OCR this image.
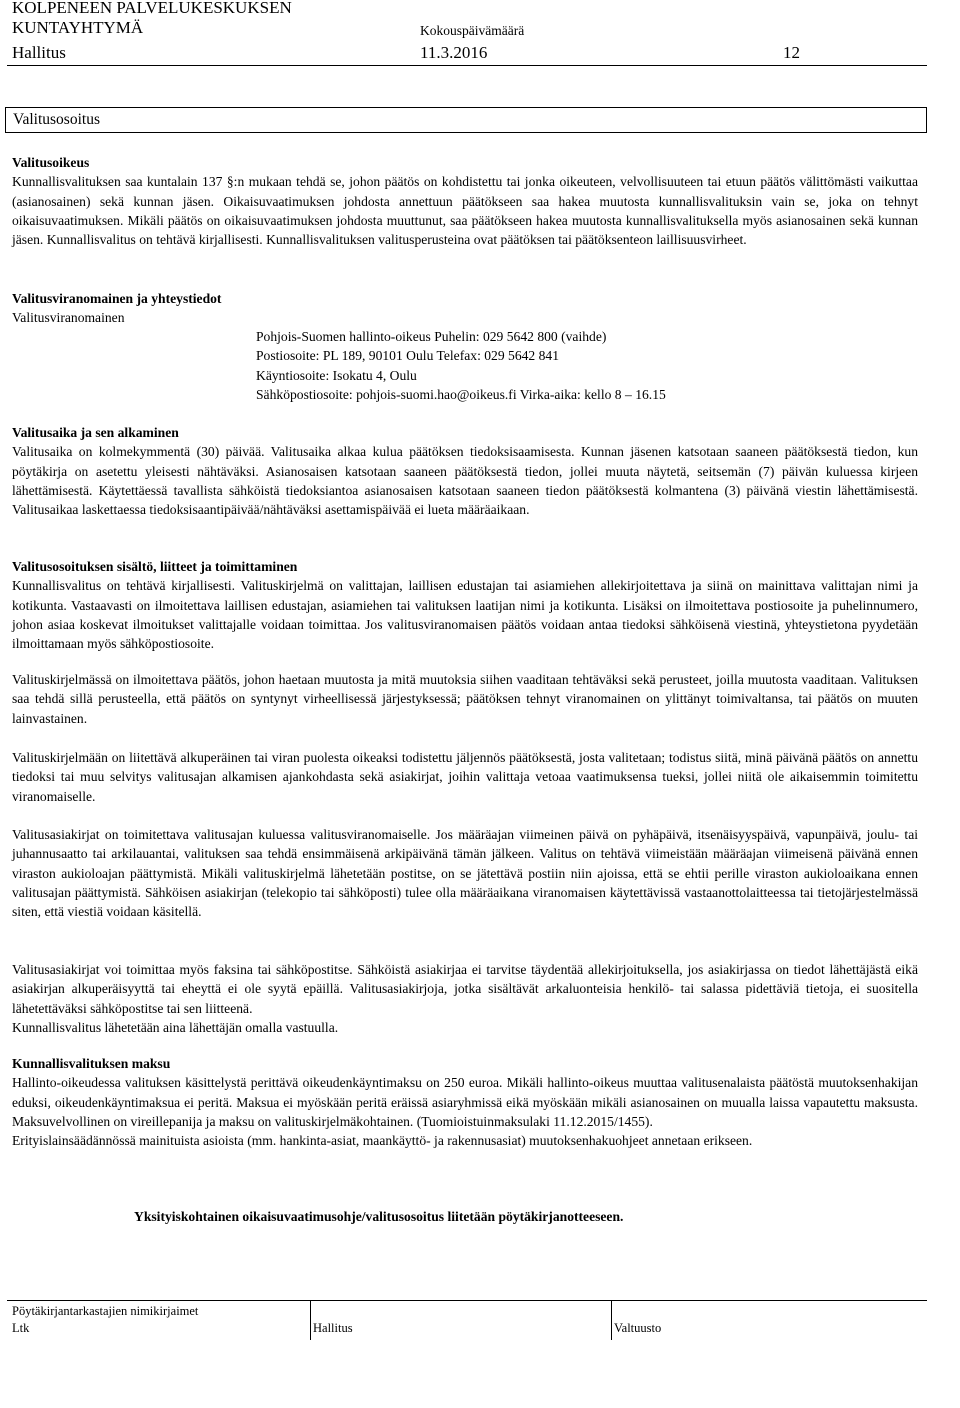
KOLPENEEN PALVELUKESKUKSEN
KUNTAYHTYMÄ	Kokouspäivämäärä
Hallitus	11.3.2016	12
Valitusosoitus

Valitusoikeus

Kunnallisvalituksen saa kuntalain 137 §:n mukaan tehdä se, johon päätös on kohdistettu tai jonka oikeuteen, velvollisuuteen tai etuun päätös välittömästi vaikuttaa (asianosainen) sekä kunnan jäsen. Oikaisuvaatimuksen johdosta annettuun päätökseen saa hakea muutosta kunnallisvalituksin vain se, joka on tehnyt oikaisuvaatimuksen. Mikäli päätös on oikaisuvaatimuksen johdosta muuttunut, saa päätökseen hakea muutosta kunnallisvalituksella myös asianosainen sekä kunnan jäsen. Kunnallisvalitus on tehtävä kirjallisesti. Kunnallisvalituksen valitusperusteina ovat päätöksen tai päätöksenteon laillisuusvirheet.

Valitusviranomainen ja yhteystiedot

Valitusviranomainen

Pohjois-Suomen hallinto-oikeus Puhelin: 029 5642 800 (vaihde)
Postiosoite: PL 189, 90101 Oulu Telefax: 029 5642 841
Käyntiosoite: Isokatu 4, Oulu
Sähköpostiosoite: pohjois-suomi.hao@oikeus.fi Virka-aika: kello 8 – 16.15

Valitusaika ja sen alkaminen

Valitusaika on kolmekymmentä (30) päivää. Valitusaika alkaa kulua päätöksen tiedoksisaamisesta. Kunnan jäsenen katsotaan saaneen päätöksestä tiedon, kun pöytäkirja on asetettu yleisesti nähtäväksi. Asianosaisen katsotaan saaneen päätöksestä tiedon, jollei muuta näytetä, seitsemän (7) päivän kuluessa kirjeen lähettämisestä. Käytettäessä tavallista sähköistä tiedoksiantoa asianosaisen katsotaan saaneen tiedon päätöksestä kolmantena (3) päivänä viestin lähettämisestä. Valitusaikaa laskettaessa tiedoksisaantipäivää/nähtäväksi asettamispäivää ei lueta määräaikaan.

Valitusosoituksen sisältö, liitteet ja toimittaminen

Kunnallisvalitus on tehtävä kirjallisesti. Valituskirjelmä on valittajan, laillisen edustajan tai asiamiehen allekirjoitettava ja siinä on mainittava valittajan nimi ja kotikunta. Vastaavasti on ilmoitettava laillisen edustajan, asiamiehen tai valituksen laatijan nimi ja kotikunta. Lisäksi on ilmoitettava postiosoite ja puhelinnumero, johon asiaa koskevat ilmoitukset valittajalle voidaan toimittaa. Jos valitusviranomaisen päätös voidaan antaa tiedoksi sähköisenä viestinä, yhteystietona pyydetään ilmoittamaan myös sähköpostiosoite.

Valituskirjelmässä on ilmoitettava päätös, johon haetaan muutosta ja mitä muutoksia siihen vaaditaan tehtäväksi sekä perusteet, joilla muutosta vaaditaan. Valituksen saa tehdä sillä perusteella, että päätös on syntynyt virheellisessä järjestyksessä; päätöksen tehnyt viranomainen on ylittänyt toimivaltansa, tai päätös on muuten lainvastainen.

Valituskirjelmään on liitettävä alkuperäinen tai viran puolesta oikeaksi todistettu jäljennös päätöksestä, josta valitetaan; todistus siitä, minä päivänä päätös on annettu tiedoksi tai muu selvitys valitusajan alkamisen ajankohdasta sekä asiakirjat, joihin valittaja vetoaa vaatimuksensa tueksi, jollei niitä ole aikaisemmin toimitettu viranomaiselle.

Valitusasiakirjat on toimitettava valitusajan kuluessa valitusviranomaiselle. Jos määräajan viimeinen päivä on pyhäpäivä, itsenäisyyspäivä, vapunpäivä, joulu- tai juhannusaatto tai arkilauantai, valituksen saa tehdä ensimmäisenä arkipäivänä tämän jälkeen. Valitus on tehtävä viimeistään määräajan viimeisenä päivänä ennen viraston aukioloajan päättymistä. Mikäli valituskirjelmä lähetetään postitse, on se jätettävä postiin niin ajoissa, että se ehtii perille viraston aukioloaikana ennen valitusajan päättymistä. Sähköisen asiakirjan (telekopio tai sähköposti) tulee olla määräaikana viranomaisen käytettävissä vastaanottolaitteessa tai tietojärjestelmässä siten, että viestiä voidaan käsitellä.

Valitusasiakirjat voi toimittaa myös faksina tai sähköpostitse. Sähköistä asiakirjaa ei tarvitse täydentää allekirjoituksella, jos asiakirjassa on tiedot lähettäjästä eikä asiakirjan alkuperäisyyttä tai eheyttä ei ole syytä epäillä. Valitusasiakirjoja, jotka sisältävät arkaluonteisia henkilö- tai salassa pidettäviä tietoja, ei suositella lähetettäväksi sähköpostitse tai sen liitteenä.

Kunnallisvalitus lähetetään aina lähettäjän omalla vastuulla.

Kunnallisvalituksen maksu

Hallinto-oikeudessa valituksen käsittelystä perittävä oikeudenkäyntimaksu on 250 euroa. Mikäli hallinto-oikeus muuttaa valitusenalaista päätöstä muutoksenhakijan eduksi, oikeudenkäyntimaksua ei peritä. Maksua ei myöskään peritä eräissä asiaryhmissä eikä myöskään mikäli asianosainen on muualla laissa vapautettu maksusta. Maksuvelvollinen on vireillepanija ja maksu on valituskirjelmäkohtainen. (Tuomioistuinmaksulaki 11.12.2015/1455).

Erityislainsäädännössä mainituista asioista (mm. hankinta-asiat, maankäyttö- ja rakennusasiat) muutoksenhakuohjeet annetaan erikseen.

Yksityiskohtainen oikaisuvaatimusohje/valitusosoitus liitetään pöytäkirjanotteeseen.
Pöytäkirjantarkastajien nimikirjaimet
Ltk	Hallitus	Valtuusto
